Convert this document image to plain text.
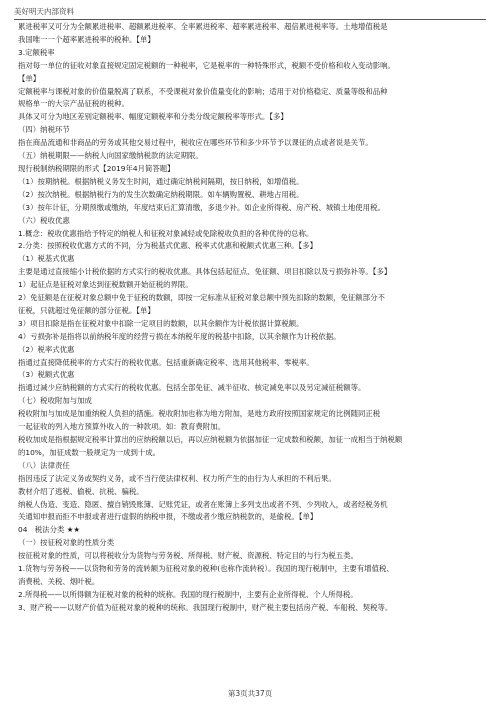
美好明天内部资料

累进税率又可分为全额累进税率、超额累进税率、全率累进税率、超率累进税率、超倍累进税率等。土地增值税是

我国唯一一个超率累进税率的税种。【单】

3.定额税率

指对每一单位的征收对象直接规定固定税额的一种税率，它是税率的一种特殊形式，税额不受价格和收入变动影响。

【单】

定额税率与课税对象的价值量脱离了联系，不受课税对象价值量变化的影响；适用于对价格稳定、质量等级和品种

规格单一的大宗产品征税的税种。

具体又可分为地区差别定额税率、幅度定额税率和分类分级定额税率等形式。【多】

（四）纳税环节

指在商品流通和非商品的劳务或其他交易过程中，税收应在哪些环节和多少环节予以课征的点或者说是关节。

（五）纳税期限——纳税人向国家缴纳税款的法定期限。

现行税制纳税期限的形式【2019年4月简答题】

（1）按期纳税。根据纳税义务发生时间，通过确定纳税间隔期，按日纳税，如增值税。

（2）按次纳税。根据纳税行为的发生次数确定纳税期限。如车辆购置税、耕地占用税。

（3）按年计征，分期预缴或缴纳，年度结束后汇算清缴，多退少补。如企业所得税、房产税、城镇土地使用税。

（六）税收优惠

1.概念：税收优惠指给予特定的纳税人和征税对象减轻或免除税收负担的各种优待的总称。

2.分类：按照税收优惠方式的不同，分为税基式优惠、税率式优惠和税额式优惠三种。【多】

（1）税基式优惠

主要是通过直接缩小计税依据的方式实行的税收优惠。具体包括起征点、免征额、项目扣除以及亏损弥补等。【多】

1）起征点是征税对象达到征税数额开始征税的界限。

2）免征额是在征税对象总额中免于征税的数额，即按一定标准从征税对象总额中预先扣除的数额，免征额部分不

征税，只就超过免征额的部分征税。【单】

3）项目扣除是指在征税对象中扣除一定项目的数额，以其余额作为计税依据计算税额。

4）亏损弥补是指将以前纳税年度的经营亏损在本纳税年度的税基中扣除，以其余额作为计税依据。

（2）税率式优惠

指通过直接降低税率的方式实行的税收优惠。包括重新确定税率、选用其他税率、零税率。

（3）税额式优惠

指通过减少应纳税额的方式实行的税收优惠。包括全部免征、减半征收、核定减免率以及另定减征税额等。

（七）税收附加与加成

税收附加与加成是加重纳税人负担的措施。税收附加也称为地方附加，是地方政府按照国家规定的比例随同正税

一起征收的列入地方预算外收入的一种款项。如：教育费附加。

税收加成是指根据规定税率计算出的应纳税额以后，再以应纳税额为依据加征一定成数和税额，加征一成相当于纳税额

的10%，加征成数一般规定为一成到十成。

（八）法律责任

指因违反了法定义务或契约义务，或不当行使法律权利、权力所产生的由行为人承担的不利后果。

教材介绍了逃税、偷税、抗税、骗税。

纳税人伪造、变造、隐匿、擅自销毁账簿、记账凭证，或者在账簿上多列支出或者不列、少列收入，或者经税务机

关通知申报而拒不申报或者进行虚假的纳税申报，不缴或者少缴应纳税款的，是偷税。【单】

04　税法分类 ★★

（一）按征税对象的性质分类

按征税对象的性质，可以将税收分为货物与劳务税、所得税、财产税、资源税、特定目的与行为税五类。

1.货物与劳务税——以货物和劳务的流转额为征税对象的税种(也称作流转税）。我国的现行税制中，主要有增值税、

消费税、关税、烟叶税。

2.所得税——以所得额为征税对象的税种的统称。我国的现行税制中，主要有企业所得税、个人所得税。

3、财产税——以财产价值为征税对象的税种的统称。我国现行税制中，财产税主要包括房产税、车船税、契税等。

第3页共37页
